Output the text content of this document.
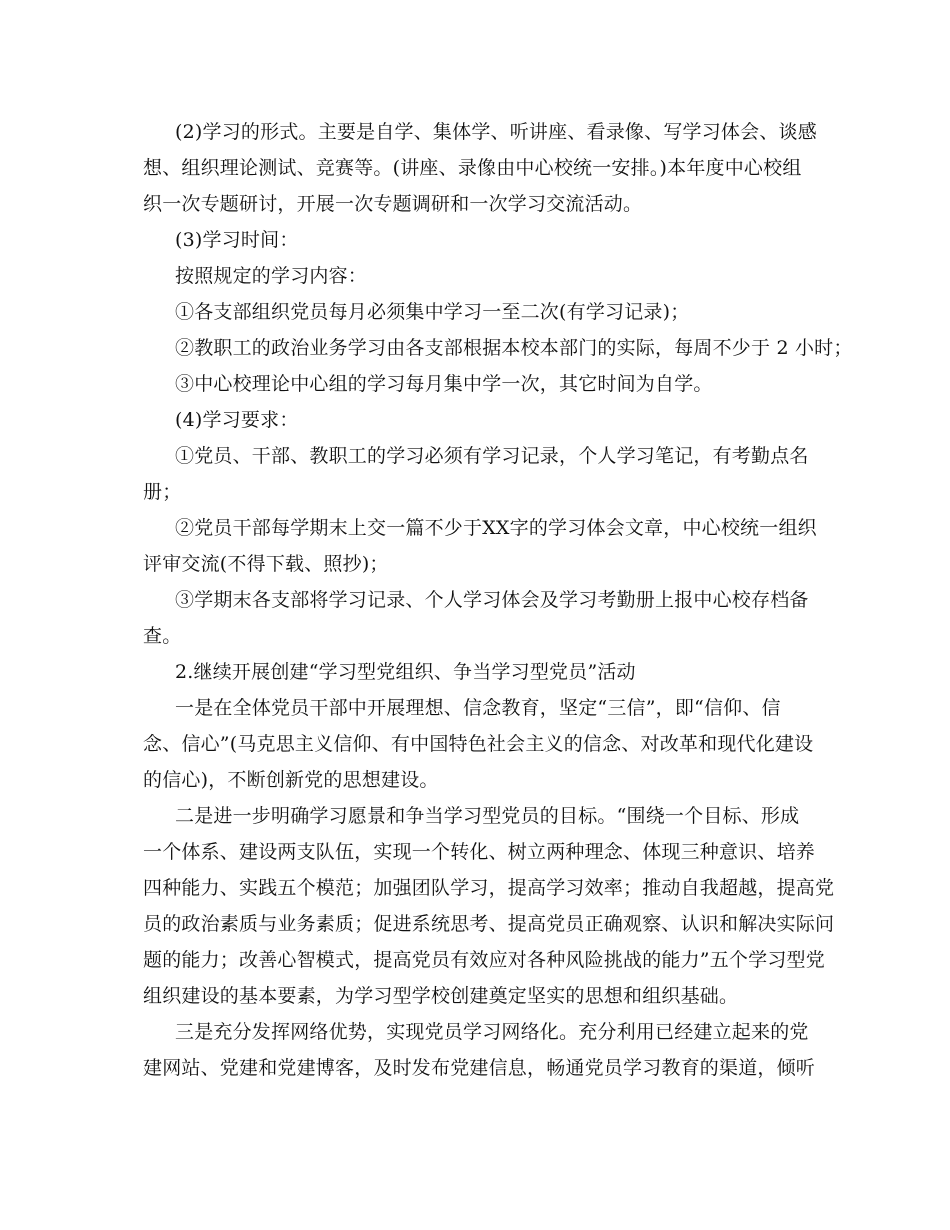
(2)学习的形式。主要是自学、集体学、听讲座、看录像、写学习体会、谈感
想、组织理论测试、竞赛等。(讲座、录像由中心校统一安排。)本年度中心校组
织一次专题研讨，开展一次专题调研和一次学习交流活动。
(3)学习时间：
按照规定的学习内容：
①各支部组织党员每月必须集中学习一至二次(有学习记录)；
②教职工的政治业务学习由各支部根据本校本部门的实际，每周不少于 2 小时；
③中心校理论中心组的学习每月集中学一次，其它时间为自学。
(4)学习要求：
①党员、干部、教职工的学习必须有学习记录，个人学习笔记，有考勤点名
册；
②党员干部每学期末上交一篇不少于XX字的学习体会文章，中心校统一组织
评审交流(不得下载、照抄)；
③学期末各支部将学习记录、个人学习体会及学习考勤册上报中心校存档备
查。
2.继续开展创建“学习型党组织、争当学习型党员”活动
一是在全体党员干部中开展理想、信念教育，坚定“三信”，即“信仰、信
念、信心”(马克思主义信仰、有中国特色社会主义的信念、对改革和现代化建设
的信心)，不断创新党的思想建设。
二是进一步明确学习愿景和争当学习型党员的目标。“围绕一个目标、形成
一个体系、建设两支队伍，实现一个转化、树立两种理念、体现三种意识、培养
四种能力、实践五个模范；加强团队学习，提高学习效率；推动自我超越，提高党
员的政治素质与业务素质；促进系统思考、提高党员正确观察、认识和解决实际问
题的能力；改善心智模式，提高党员有效应对各种风险挑战的能力”五个学习型党
组织建设的基本要素，为学习型学校创建奠定坚实的思想和组织基础。
三是充分发挥网络优势，实现党员学习网络化。充分利用已经建立起来的党
建网站、党建和党建博客，及时发布党建信息，畅通党员学习教育的渠道，倾听
